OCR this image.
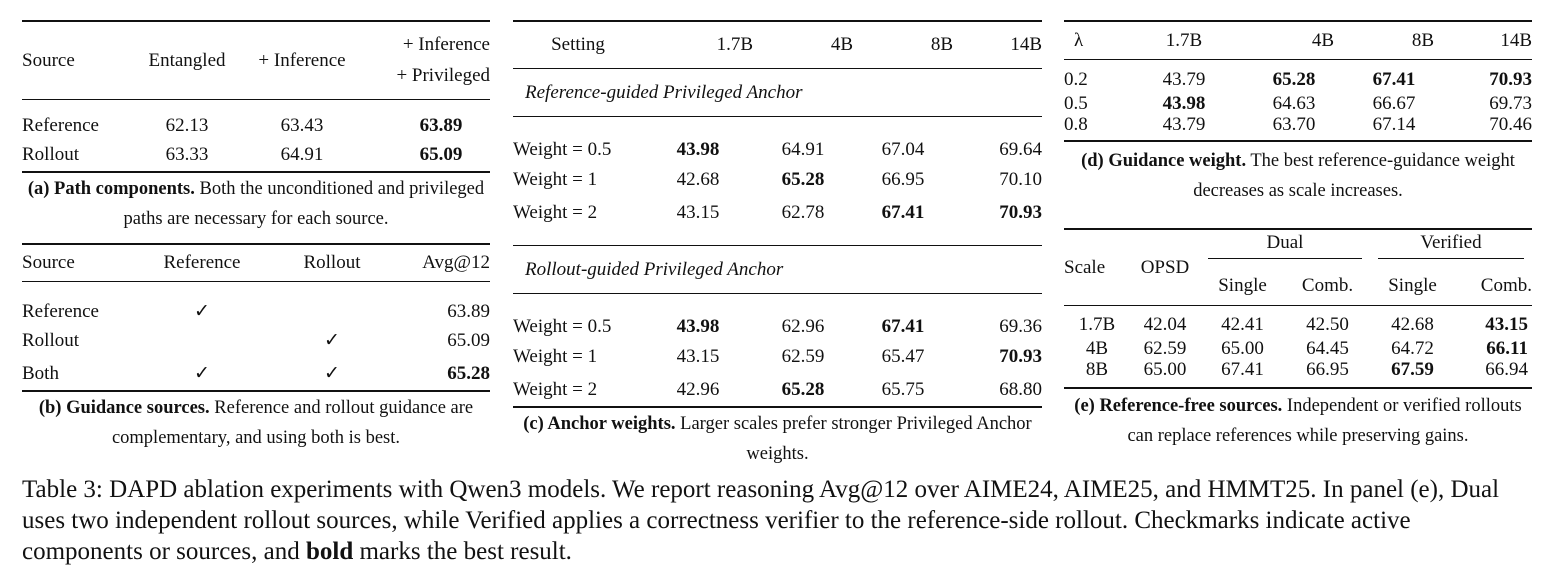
Source	Entangled	+ Inference	+ Inference
+ Privileged

Reference	62.13	63.43	63.89
Rollout	63.33	64.91	65.09
(a) Path components. Both the unconditioned and privileged paths are necessary for each source.
Source	Reference	Rollout	Avg@12
Reference	✓		63.89
Rollout		✓	65.09
Both	✓	✓	65.28
(b) Guidance sources. Reference and rollout guidance are complementary, and using both is best.
Setting	1.7B	4B	8B	14B
Reference-guided Privileged Anchor				
Weight = 0.5	43.98	64.91	67.04	69.64
Weight = 1	42.68	65.28	66.95	70.10
Weight = 2	43.15	62.78	67.41	70.93

Rollout-guided Privileged Anchor				
Weight = 0.5	43.98	62.96	67.41	69.36
Weight = 1	43.15	62.59	65.47	70.93
Weight = 2	42.96	65.28	65.75	68.80
(c) Anchor weights. Larger scales prefer stronger Privileged Anchor weights.
λ	1.7B	4B	8B	14B
0.2	43.79	65.28	67.41	70.93
0.5	43.98	64.63	66.67	69.73
0.8	43.79	63.70	67.14	70.46
(d) Guidance weight. The best reference-guidance weight decreases as scale increases.
Scale	OPSD	Dual		Verified	

		Single	Comb.	Single	Comb.
1.7B	42.04	42.41	42.50	42.68	43.15
4B	62.59	65.00	64.45	64.72	66.11
8B	65.00	67.41	66.95	67.59	66.94
(e) Reference-free sources. Independent or verified rollouts can replace references while preserving gains.
Table 3: DAPD ablation experiments with Qwen3 models. We report reasoning Avg@12 over AIME24, AIME25, and HMMT25. In panel (e), Dual uses two independent rollout sources, while Verified applies a correctness verifier to the reference-side rollout. Checkmarks indicate active components or sources, and bold marks the best result.
